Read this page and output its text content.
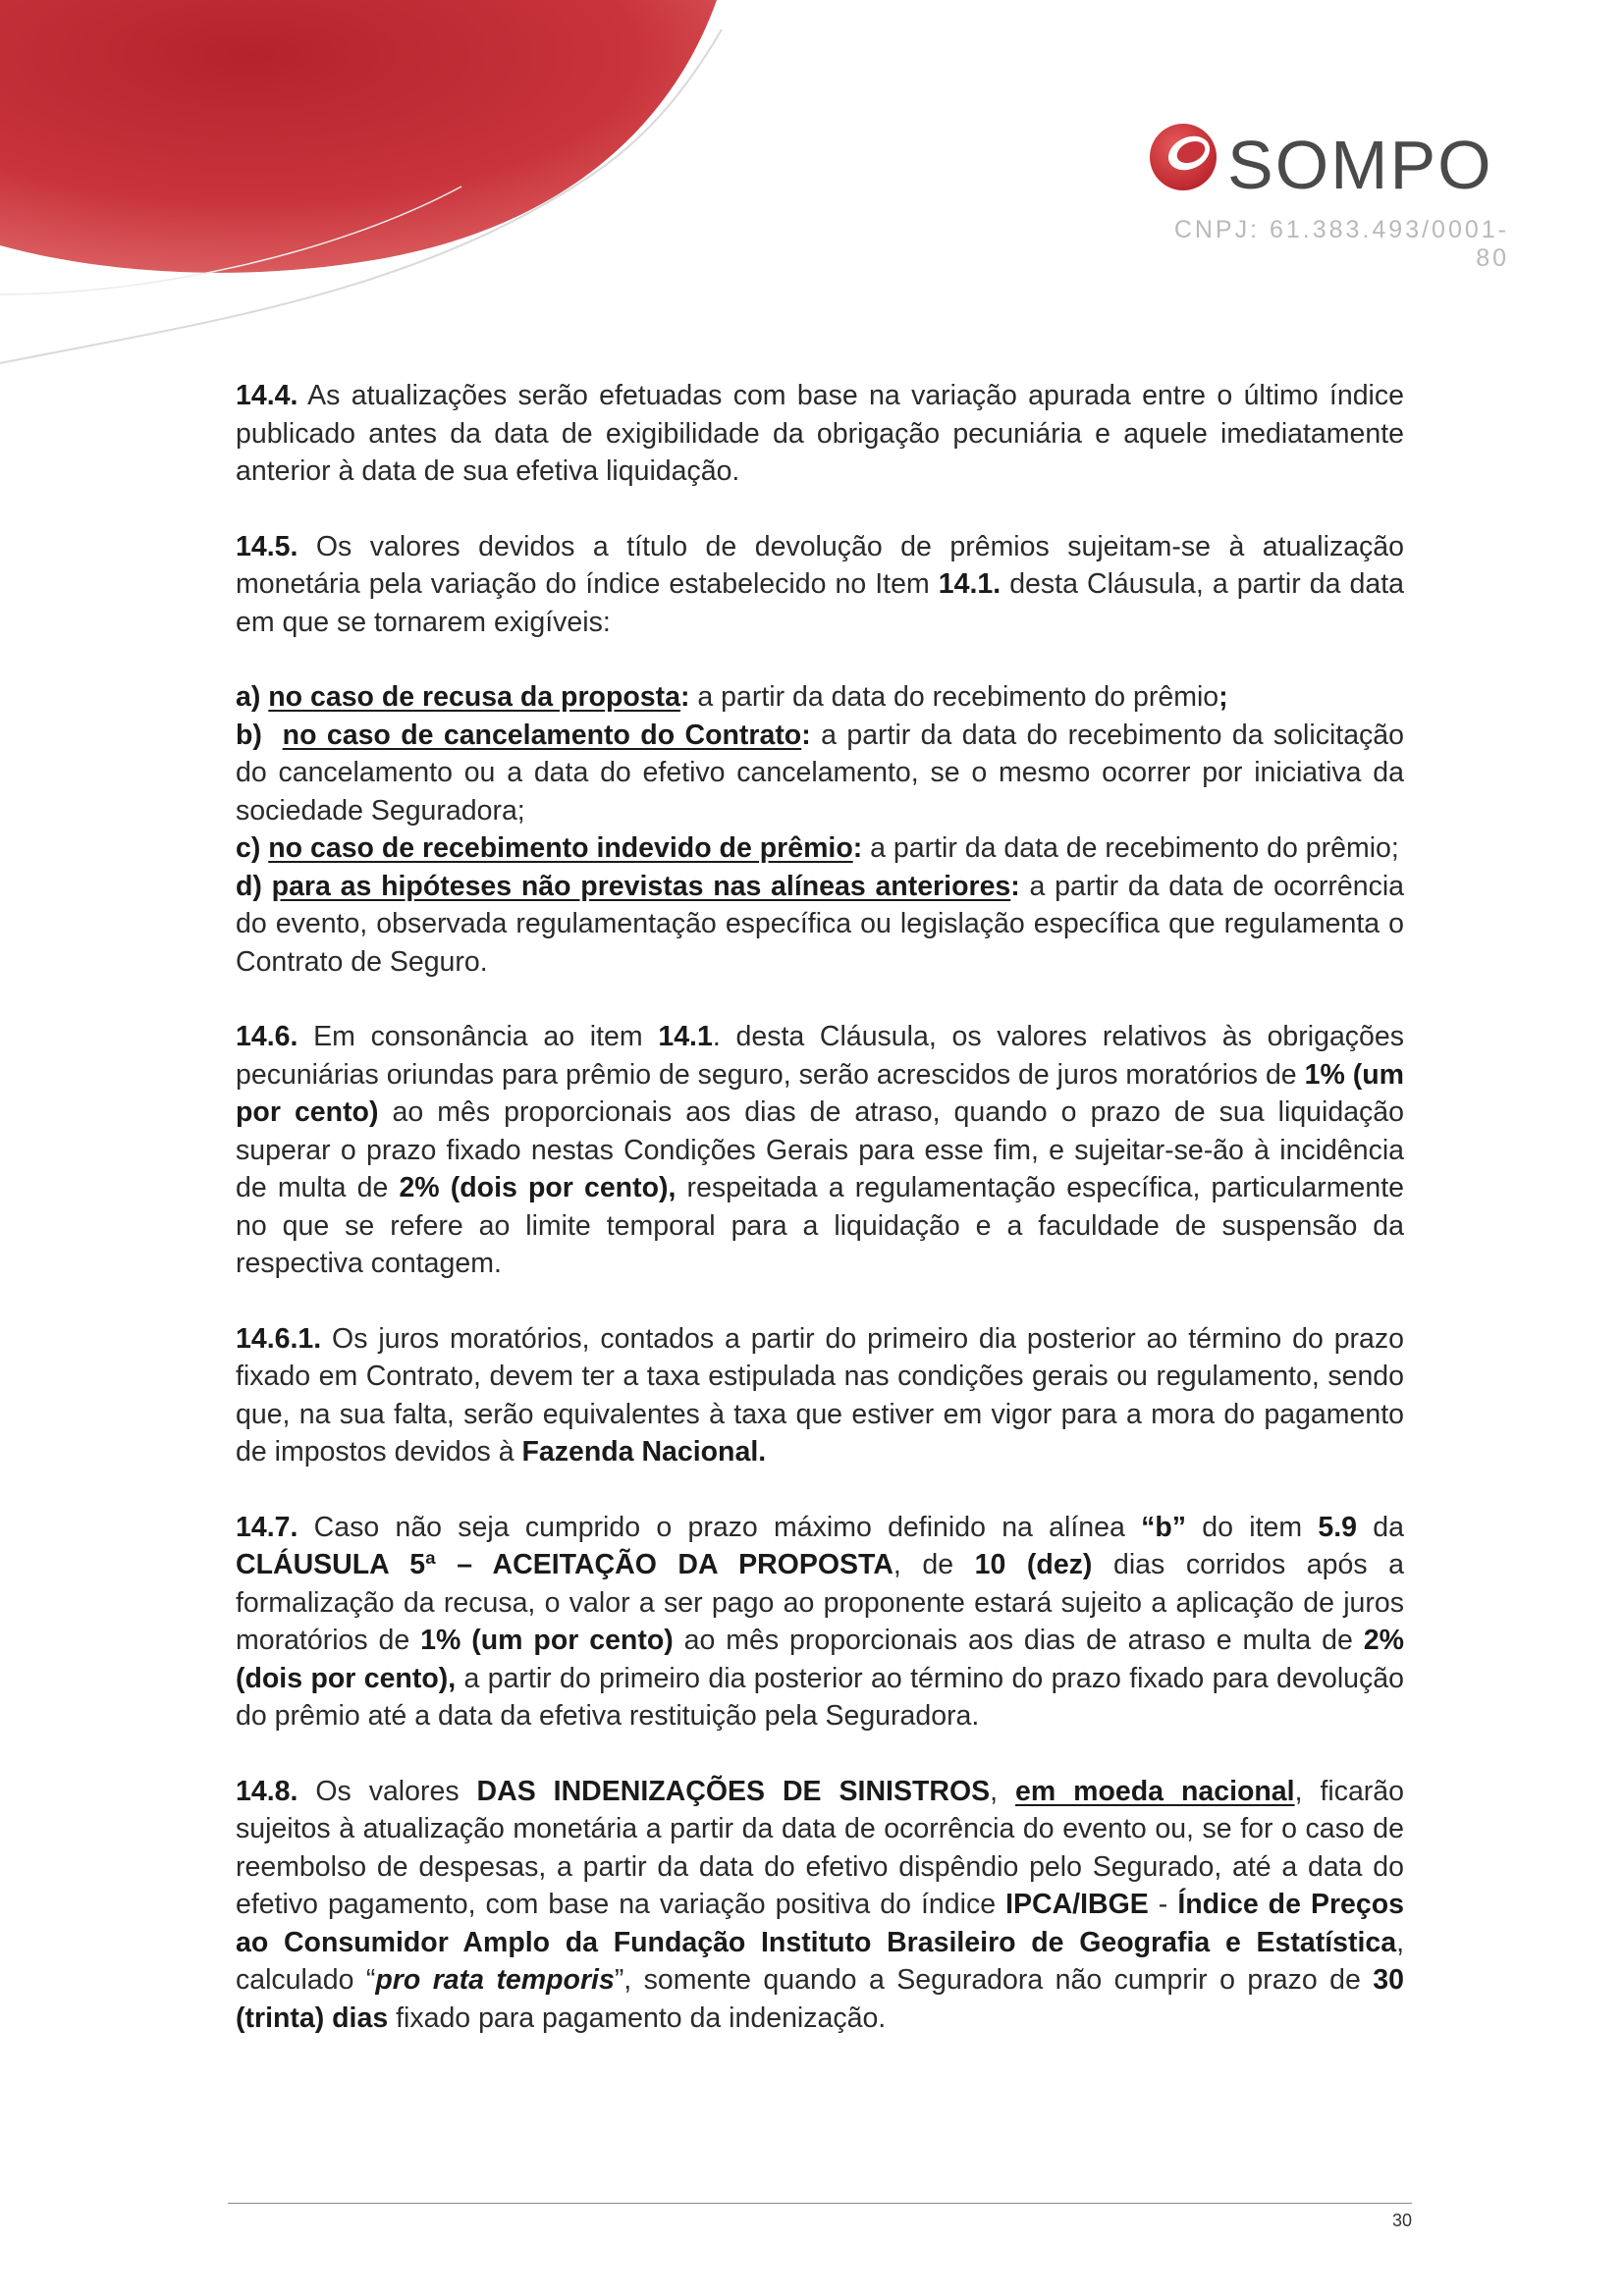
SOMPO
CNPJ: 61.383.493/0001-80

14.4. As atualizações serão efetuadas com base na variação apurada entre o último índice publicado antes da data de exigibilidade da obrigação pecuniária e aquele imediatamente anterior à data de sua efetiva liquidação.

14.5. Os valores devidos a título de devolução de prêmios sujeitam-se à atualização monetária pela variação do índice estabelecido no Item 14.1. desta Cláusula, a partir da data em que se tornarem exigíveis:

a) no caso de recusa da proposta: a partir da data do recebimento do prêmio;

b) no caso de cancelamento do Contrato: a partir da data do recebimento da solicitação do cancelamento ou a data do efetivo cancelamento, se o mesmo ocorrer por iniciativa da sociedade Seguradora;

c) no caso de recebimento indevido de prêmio: a partir da data de recebimento do prêmio;

d) para as hipóteses não previstas nas alíneas anteriores: a partir da data de ocorrência do evento, observada regulamentação específica ou legislação específica que regulamenta o Contrato de Seguro.

14.6. Em consonância ao item 14.1. desta Cláusula, os valores relativos às obrigações pecuniárias oriundas para prêmio de seguro, serão acrescidos de juros moratórios de 1% (um por cento) ao mês proporcionais aos dias de atraso, quando o prazo de sua liquidação superar o prazo fixado nestas Condições Gerais para esse fim, e sujeitar-se-ão à incidência de multa de 2% (dois por cento), respeitada a regulamentação específica, particularmente no que se refere ao limite temporal para a liquidação e a faculdade de suspensão da respectiva contagem.

14.6.1. Os juros moratórios, contados a partir do primeiro dia posterior ao término do prazo fixado em Contrato, devem ter a taxa estipulada nas condições gerais ou regulamento, sendo que, na sua falta, serão equivalentes à taxa que estiver em vigor para a mora do pagamento de impostos devidos à Fazenda Nacional.

14.7. Caso não seja cumprido o prazo máximo definido na alínea “b” do item 5.9 da CLÁUSULA 5ª – ACEITAÇÃO DA PROPOSTA, de 10 (dez) dias corridos após a formalização da recusa, o valor a ser pago ao proponente estará sujeito a aplicação de juros moratórios de 1% (um por cento) ao mês proporcionais aos dias de atraso e multa de 2% (dois por cento), a partir do primeiro dia posterior ao término do prazo fixado para devolução do prêmio até a data da efetiva restituição pela Seguradora.

14.8. Os valores DAS INDENIZAÇÕES DE SINISTROS, em moeda nacional, ficarão sujeitos à atualização monetária a partir da data de ocorrência do evento ou, se for o caso de reembolso de despesas, a partir da data do efetivo dispêndio pelo Segurado, até a data do efetivo pagamento, com base na variação positiva do índice IPCA/IBGE - Índice de Preços ao Consumidor Amplo da Fundação Instituto Brasileiro de Geografia e Estatística, calculado “pro rata temporis”, somente quando a Seguradora não cumprir o prazo de 30 (trinta) dias fixado para pagamento da indenização.

30
